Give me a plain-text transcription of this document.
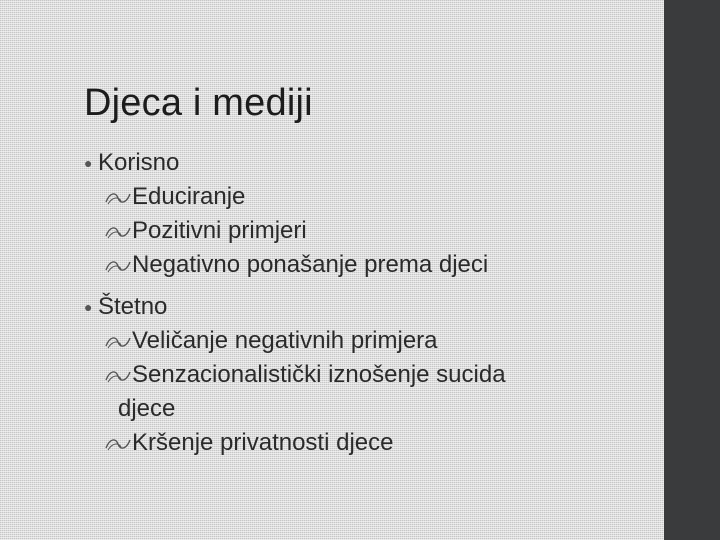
Djeca i mediji
● Korisno
Educiranje
Pozitivni primjeri
Negativno ponašanje prema djeci
● Štetno
Veličanje negativnih primjera
Senzacionalistički iznošenje sucida
djece
Kršenje privatnosti djece
